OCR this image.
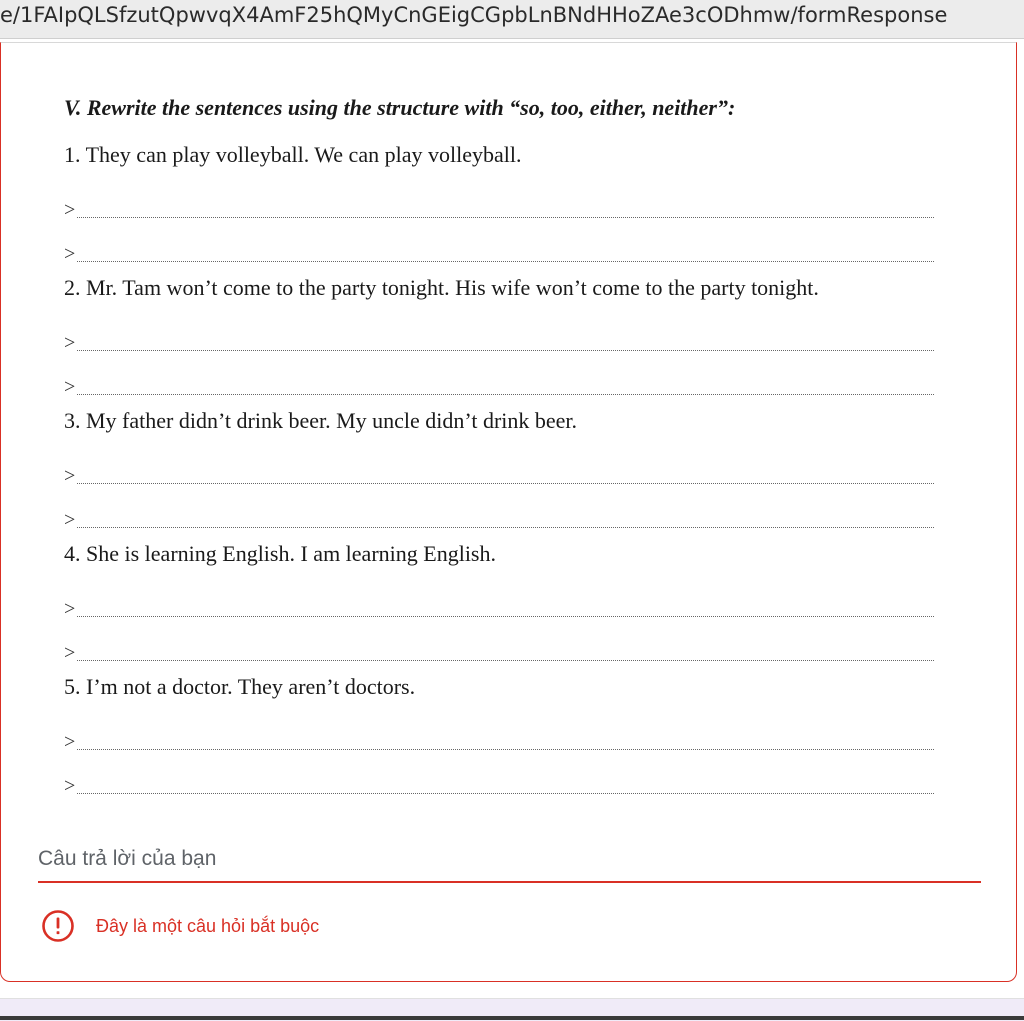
e/1FAIpQLSfzutQpwvqX4AmF25hQMyCnGEigCGpbLnBNdHHoZAe3cODhmw/formResponse
V. Rewrite the sentences using the structure with “so, too, either, neither”:
1. They can play volleyball. We can play volleyball.
>
>
2. Mr. Tam won’t come to the party tonight. His wife won’t come to the party tonight.
>
>
3. My father didn’t drink beer. My uncle didn’t drink beer.
>
>
4. She is learning English. I am learning English.
>
>
5. I’m not a doctor. They aren’t doctors.
>
>
Câu trả lời của bạn
Đây là một câu hỏi bắt buộc
